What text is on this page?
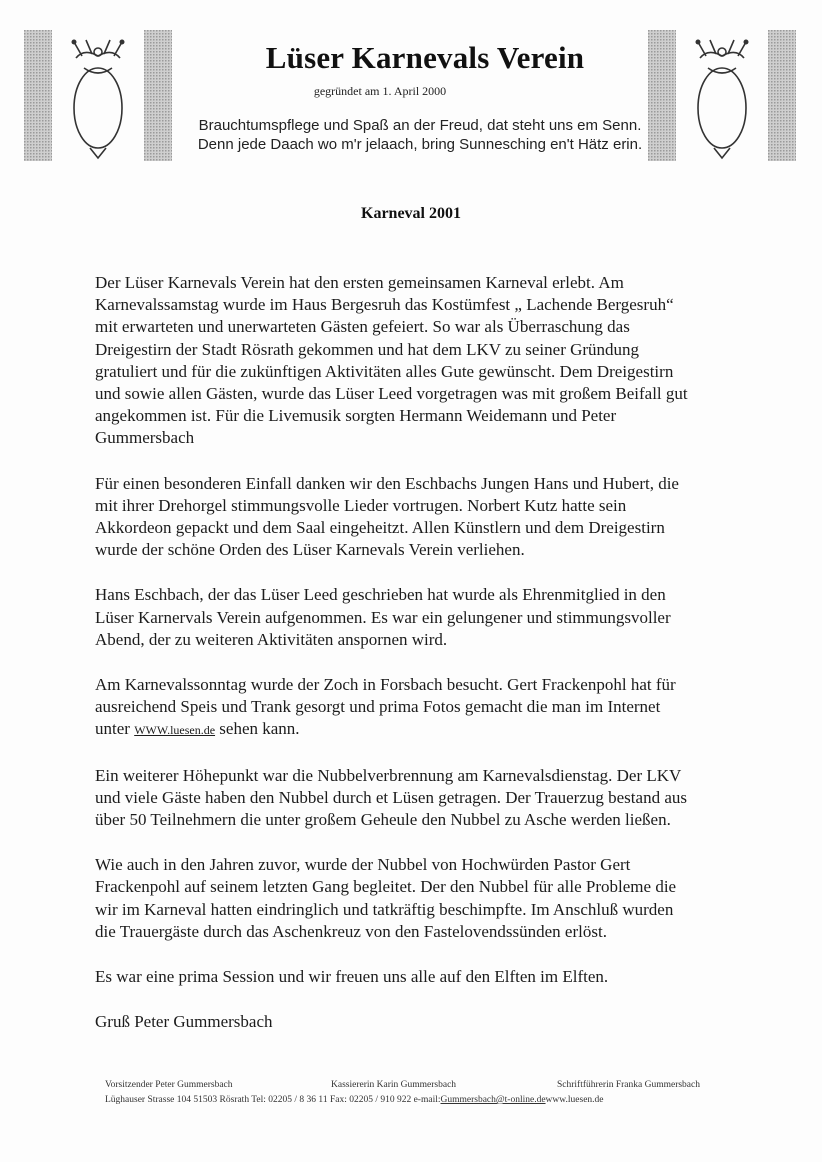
Lüser Karnevals Verein
gegründet am 1. April 2000
Brauchtumspflege und Spaß an der Freud, dat steht uns em Senn.
Denn jede Daach wo m'r jelaach, bring Sunnesching en't Hätz erin.
Karneval 2001

Der Lüser Karnevals Verein hat den ersten gemeinsamen Karneval erlebt. Am
Karnevalssamstag wurde im Haus Bergesruh das Kostümfest „ Lachende Bergesruh“
mit erwarteten und unerwarteten Gästen gefeiert. So war als Überraschung das
Dreigestirn der Stadt Rösrath gekommen und hat dem LKV zu seiner Gründung
gratuliert und für die zukünftigen Aktivitäten alles Gute gewünscht. Dem Dreigestirn
und sowie allen Gästen, wurde das Lüser Leed vorgetragen was mit großem Beifall gut
angekommen ist. Für die Livemusik sorgten Hermann Weidemann und Peter
Gummersbach

Für einen besonderen Einfall danken wir den Eschbachs Jungen Hans und Hubert, die
mit ihrer Drehorgel stimmungsvolle Lieder vortrugen. Norbert Kutz hatte sein
Akkordeon gepackt und dem Saal eingeheitzt. Allen Künstlern und dem Dreigestirn
wurde der schöne Orden des Lüser Karnevals Verein verliehen.

Hans Eschbach, der das Lüser Leed geschrieben hat wurde als Ehrenmitglied in den
Lüser Karnervals Verein aufgenommen. Es war ein gelungener und stimmungsvoller
Abend, der zu weiteren Aktivitäten anspornen wird.

Am Karnevalssonntag wurde der Zoch in Forsbach besucht. Gert Frackenpohl hat für
ausreichend Speis und Trank gesorgt und prima Fotos gemacht die man im Internet
unter WWW.luesen.de sehen kann.

Ein weiterer Höhepunkt war die Nubbelverbrennung am Karnevalsdienstag. Der LKV
und viele Gäste haben den Nubbel durch et Lüsen getragen. Der Trauerzug bestand aus
über 50 Teilnehmern die unter großem Geheule den Nubbel zu Asche werden ließen.

Wie auch in den Jahren zuvor, wurde der Nubbel von Hochwürden Pastor Gert
Frackenpohl auf seinem letzten Gang begleitet. Der den Nubbel für alle Probleme die
wir im Karneval hatten eindringlich und tatkräftig beschimpfte. Im Anschluß wurden
die Trauergäste durch das Aschenkreuz von den Fastelovendssünden erlöst.

Es war eine prima Session und wir freuen uns alle auf den Elften im Elften.

Gruß Peter Gummersbach

Vorsitzender Peter Gummersbach	Kassiererin Karin Gummersbach	Schriftführerin Franka Gummersbach
Lüghauser Strasse 104 51503 Rösrath Tel: 02205 / 8 36 11 Fax: 02205 / 910 922 e-mail: Gummersbach@t-online.de www.luesen.de
